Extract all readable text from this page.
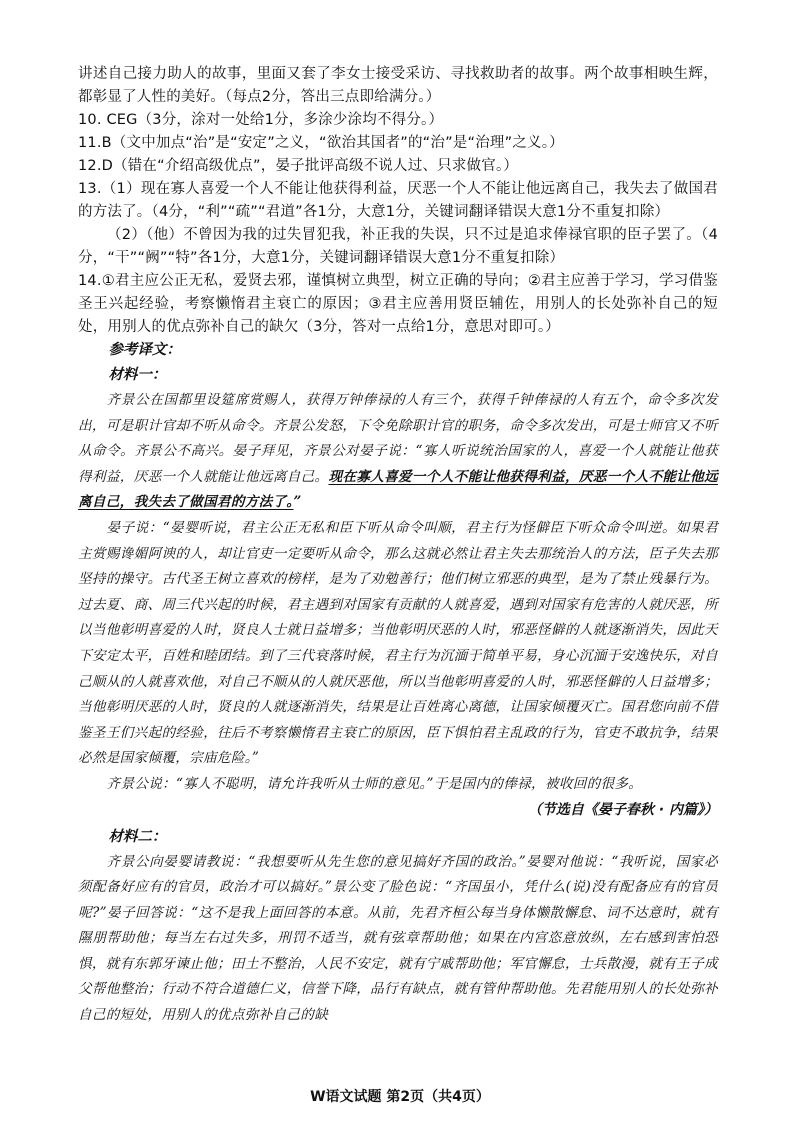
讲述自己接力助人的故事，里面又套了李女士接受采访、寻找救助者的故事。两个故事相映生辉，都彰显了人性的美好。（每点2分，答出三点即给满分。）

10. CEG（3分，涂对一处给1分，多涂少涂均不得分。）

11.B（文中加点“治”是“安定”之义，“欲治其国者”的“治”是“治理”之义。）

12.D（错在“介绍高级优点”，晏子批评高级不说人过、只求做官。）

13.（1）现在寡人喜爱一个人不能让他获得利益，厌恶一个人不能让他远离自己，我失去了做国君的方法了。（4分，“利”“疏”“君道”各1分，大意1分，关键词翻译错误大意1分不重复扣除）

（2）（他）不曾因为我的过失冒犯我，补正我的失误，只不过是追求俸禄官职的臣子罢了。（4分，“干”“阙”“特”各1分，大意1分，关键词翻译错误大意1分不重复扣除）

14.①君主应公正无私，爱贤去邪，谨慎树立典型，树立正确的导向；②君主应善于学习，学习借鉴圣王兴起经验，考察懒惰君主衰亡的原因；③君主应善用贤臣辅佐，用别人的长处弥补自己的短处，用别人的优点弥补自己的缺欠（3分，答对一点给1分，意思对即可。）

参考译文：

材料一：

齐景公在国都里设筵席赏赐人，获得万钟俸禄的人有三个，获得千钟俸禄的人有五个，命令多次发出，可是职计官却不听从命令。齐景公发怒，下令免除职计官的职务，命令多次发出，可是士师官又不听从命令。齐景公不高兴。晏子拜见，齐景公对晏子说：“寡人听说统治国家的人，喜爱一个人就能让他获得利益，厌恶一个人就能让他远离自己。现在寡人喜爱一个人不能让他获得利益，厌恶一个人不能让他远离自己，我失去了做国君的方法了。”

晏子说：“晏婴听说，君主公正无私和臣下听从命令叫顺，君主行为怪僻臣下听众命令叫逆。如果君主赏赐谗媚阿谀的人，却让官吏一定要听从命令，那么这就必然让君主失去那统治人的方法，臣子失去那坚持的操守。古代圣王树立喜欢的榜样，是为了劝勉善行；他们树立邪恶的典型，是为了禁止残暴行为。过去夏、商、周三代兴起的时候，君主遇到对国家有贡献的人就喜爱，遇到对国家有危害的人就厌恶，所以当他彰明喜爱的人时，贤良人士就日益增多；当他彰明厌恶的人时，邪恶怪僻的人就逐渐消失，因此天下安定太平，百姓和睦团结。到了三代衰落时候，君主行为沉湎于简单平易，身心沉湎于安逸快乐，对自己顺从的人就喜欢他，对自己不顺从的人就厌恶他，所以当他彰明喜爱的人时，邪恶怪僻的人日益增多；当他彰明厌恶的人时，贤良的人就逐渐消失，结果是让百姓离心离德，让国家倾覆灭亡。国君您向前不借鉴圣王们兴起的经验，往后不考察懒惰君主衰亡的原因，臣下惧怕君主乱政的行为，官吏不敢抗争，结果必然是国家倾覆，宗庙危险。”

齐景公说：“寡人不聪明，请允许我听从士师的意见。”于是国内的俸禄，被收回的很多。

（节选自《晏子春秋 · 内篇》）

材料二：

齐景公向晏婴请教说：“我想要听从先生您的意见搞好齐国的政治。”晏婴对他说：“我听说，国家必须配备好应有的官员，政治才可以搞好。”景公变了脸色说：“齐国虽小，凭什么(说)没有配备应有的官员呢?”晏子回答说：“这不是我上面回答的本意。从前，先君齐桓公每当身体懒散懈怠、词不达意时，就有隰朋帮助他；每当左右过失多，刑罚不适当，就有弦章帮助他；如果在内宫恣意放纵，左右感到害怕恐惧，就有东郭牙谏止他；田土不整治，人民不安定，就有宁戚帮助他；军官懈怠，士兵散漫，就有王子成父帮他整治；行动不符合道德仁义，信誉下降，品行有缺点，就有管仲帮助他。先君能用别人的长处弥补自己的短处，用别人的优点弥补自己的缺

W语文试题 第2页（共4页）
